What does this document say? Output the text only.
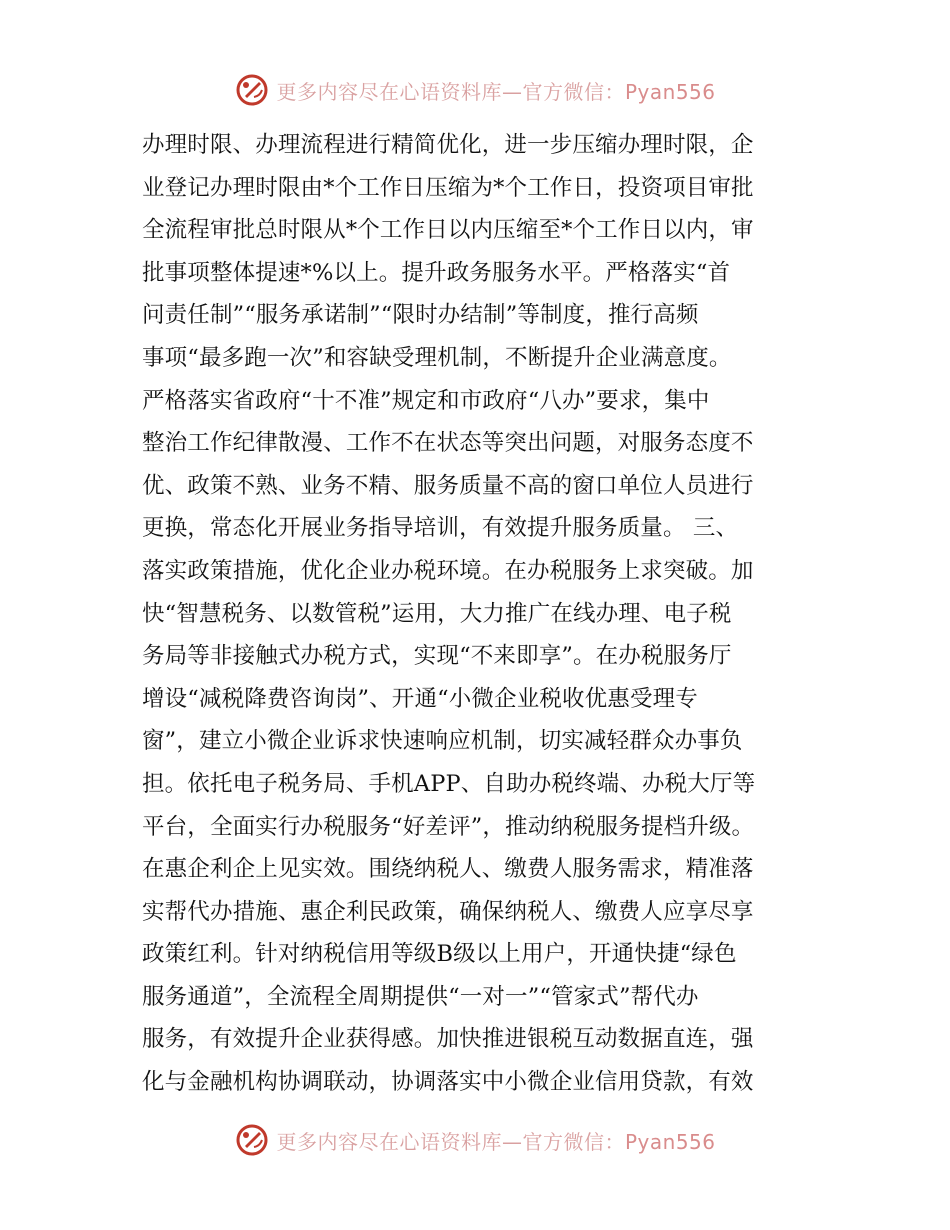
更多内容尽在心语资料库—官方微信：Pyan556
办理时限、办理流程进行精简优化，进一步压缩办理时限，企
业登记办理时限由*个工作日压缩为*个工作日，投资项目审批
全流程审批总时限从*个工作日以内压缩至*个工作日以内，审
批事项整体提速*%以上。提升政务服务水平。严格落实“首
问责任制”“服务承诺制”“限时办结制”等制度，推行高频
事项“最多跑一次”和容缺受理机制，不断提升企业满意度。
严格落实省政府“十不准”规定和市政府“八办”要求，集中
整治工作纪律散漫、工作不在状态等突出问题，对服务态度不
优、政策不熟、业务不精、服务质量不高的窗口单位人员进行
更换，常态化开展业务指导培训，有效提升服务质量。 三、
落实政策措施，优化企业办税环境。在办税服务上求突破。加
快“智慧税务、以数管税”运用，大力推广在线办理、电子税
务局等非接触式办税方式，实现“不来即享”。在办税服务厅
增设“减税降费咨询岗”、开通“小微企业税收优惠受理专
窗”，建立小微企业诉求快速响应机制，切实减轻群众办事负
担。依托电子税务局、手机APP、自助办税终端、办税大厅等
平台，全面实行办税服务“好差评”，推动纳税服务提档升级。
在惠企利企上见实效。围绕纳税人、缴费人服务需求，精准落
实帮代办措施、惠企利民政策，确保纳税人、缴费人应享尽享
政策红利。针对纳税信用等级B级以上用户，开通快捷“绿色
服务通道”，全流程全周期提供“一对一”“管家式”帮代办
服务，有效提升企业获得感。加快推进银税互动数据直连，强
化与金融机构协调联动，协调落实中小微企业信用贷款，有效
更多内容尽在心语资料库—官方微信：Pyan556
